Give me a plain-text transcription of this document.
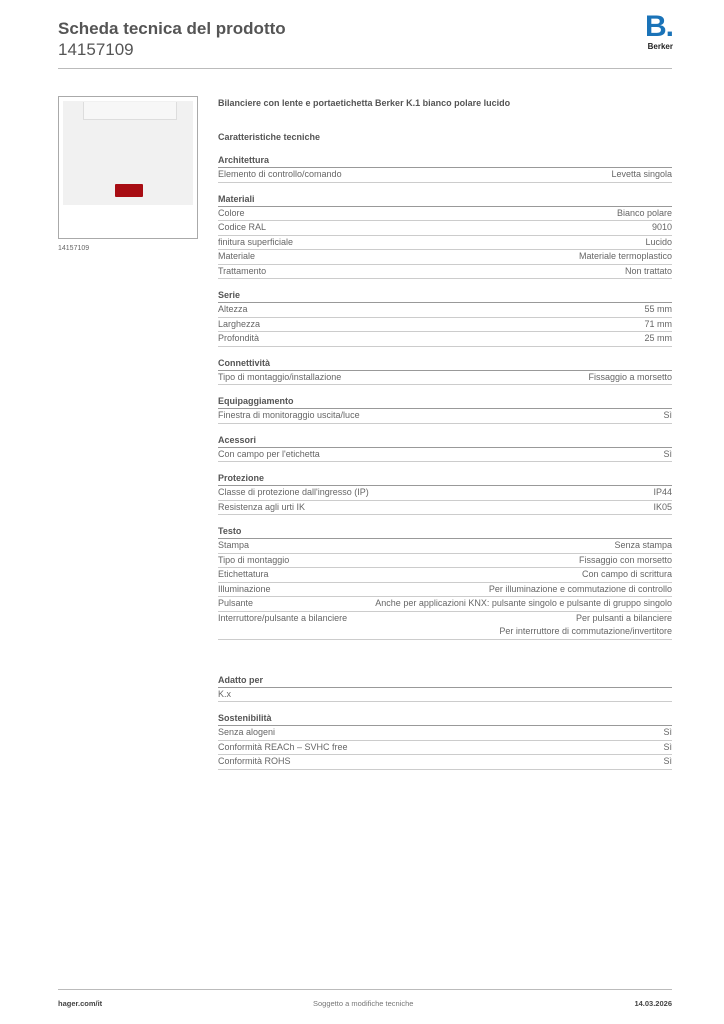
Scheda tecnica del prodotto
14157109
B.
Berker
14157109
Bilanciere con lente e portaetichetta Berker K.1 bianco polare lucido
Caratteristiche tecniche
Architettura
Elemento di controllo/comando	Levetta singola
Materiali
Colore	Bianco polare
Codice RAL	9010
finitura superficiale	Lucido
Materiale	Materiale termoplastico
Trattamento	Non trattato
Serie
Altezza	55 mm
Larghezza	71 mm
Profondità	25 mm
Connettività
Tipo di montaggio/installazione	Fissaggio a morsetto
Equipaggiamento
Finestra di monitoraggio uscita/luce	Sì
Acessori
Con campo per l'etichetta	Sì
Protezione
Classe di protezione dall'ingresso (IP)	IP44
Resistenza agli urti IK	IK05
Testo
Stampa	Senza stampa
Tipo di montaggio	Fissaggio con morsetto
Etichettatura	Con campo di scrittura
Illuminazione	Per illuminazione e commutazione di controllo
Pulsante	Anche per applicazioni KNX: pulsante singolo e pulsante di gruppo singolo
Interruttore/pulsante a bilanciere	Per pulsanti a bilanciere
Per interruttore di commutazione/invertitore
Adatto per
K.x
Sostenibilità
Senza alogeni	Sì
Conformità REACh – SVHC free	Sì
Conformità ROHS	Sì
hager.com/it	Soggetto a modifiche tecniche	14.03.2026
